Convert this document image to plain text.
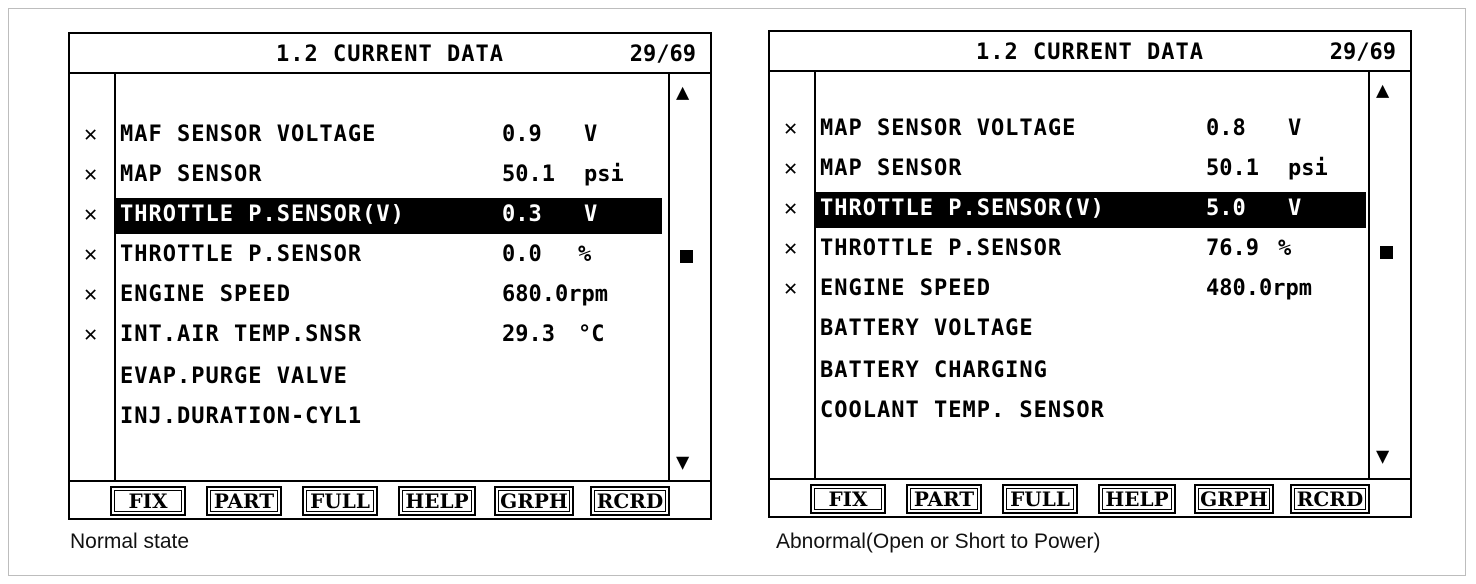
1.2 CURRENT DATA	29/69
▲
▼
✕ MAF SENSOR VOLTAGE	0.9 V
✕ MAP SENSOR	50.1 psi
✕ THROTTLE P.SENSOR(V)	0.3 V
✕ THROTTLE P.SENSOR	0.0 %
✕ ENGINE SPEED	680.0rpm
✕ INT.AIR TEMP.SNSR	29.3 °C
EVAP.PURGE VALVE
INJ.DURATION-CYL1
FIX	PART	FULL	HELP	GRPH	RCRD
Normal state
1.2 CURRENT DATA	29/69
▲
▼
✕ MAP SENSOR VOLTAGE	0.8 V
✕ MAP SENSOR	50.1 psi
✕ THROTTLE P.SENSOR(V)	5.0 V
✕ THROTTLE P.SENSOR	76.9 %
✕ ENGINE SPEED	480.0rpm
BATTERY VOLTAGE
BATTERY CHARGING
COOLANT TEMP. SENSOR
FIX	PART	FULL	HELP	GRPH	RCRD
Abnormal(Open or Short to Power)
